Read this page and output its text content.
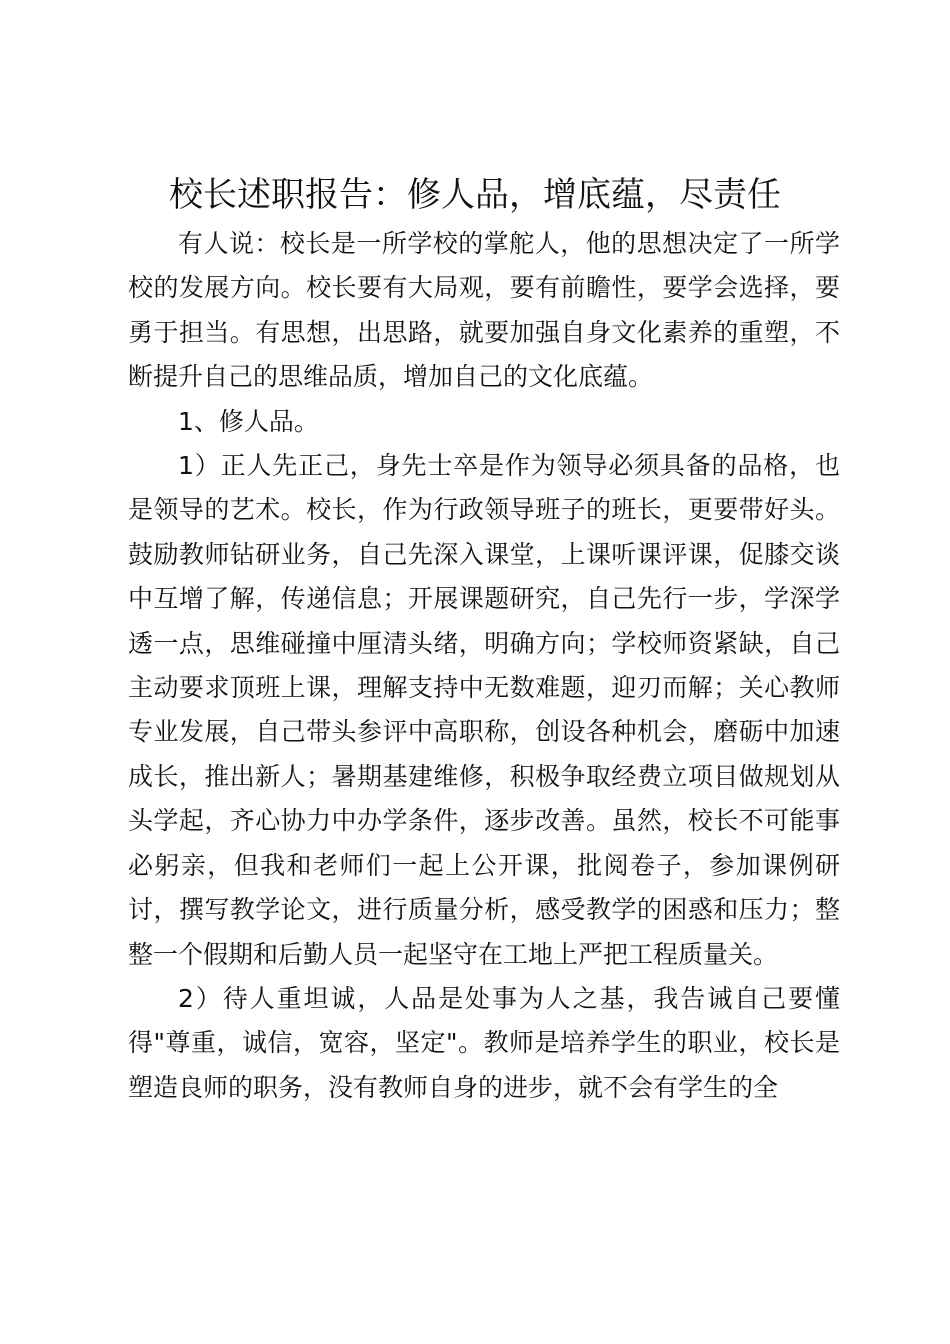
校长述职报告：修人品，增底蕴，尽责任

有人说：校长是一所学校的掌舵人，他的思想决定了一所学校的发展方向。校长要有大局观，要有前瞻性，要学会选择，要勇于担当。有思想，出思路，就要加强自身文化素养的重塑，不断提升自己的思维品质，增加自己的文化底蕴。

1、修人品。

1）正人先正己，身先士卒是作为领导必须具备的品格，也是领导的艺术。校长，作为行政领导班子的班长，更要带好头。鼓励教师钻研业务，自己先深入课堂，上课听课评课，促膝交谈中互增了解，传递信息；开展课题研究，自己先行一步，学深学透一点，思维碰撞中厘清头绪，明确方向；学校师资紧缺，自己主动要求顶班上课，理解支持中无数难题，迎刃而解；关心教师专业发展，自己带头参评中高职称，创设各种机会，磨砺中加速成长，推出新人；暑期基建维修，积极争取经费立项目做规划从头学起，齐心协力中办学条件，逐步改善。虽然，校长不可能事必躬亲，但我和老师们一起上公开课，批阅卷子，参加课例研讨，撰写教学论文，进行质量分析，感受教学的困惑和压力；整整一个假期和后勤人员一起坚守在工地上严把工程质量关。

2）待人重坦诚，人品是处事为人之基，我告诫自己要懂得"尊重，诚信，宽容，坚定"。教师是培养学生的职业，校长是塑造良师的职务，没有教师自身的进步，就不会有学生的全
